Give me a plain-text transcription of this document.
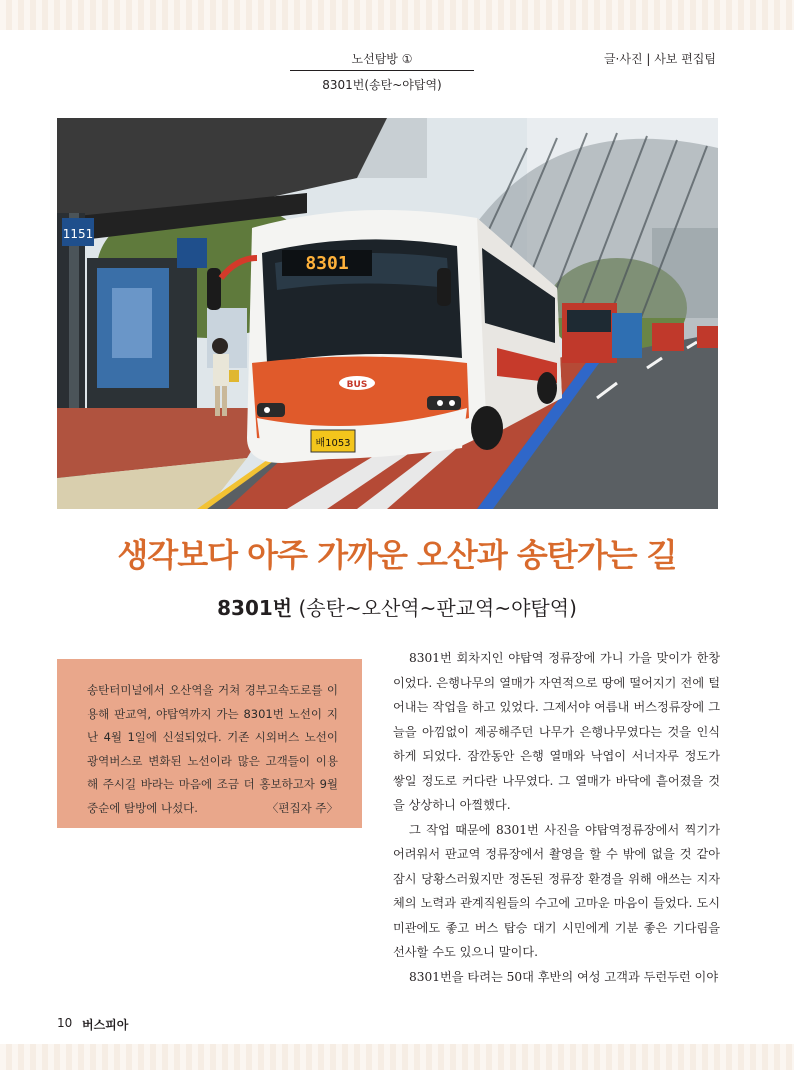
노선탐방 ①
8301번(송탄~야탑역)
글·사진 | 사보 편집팀
1151
8301
BUS
배1053
생각보다 아주 가까운 오산과 송탄가는 길
8301번 (송탄~오산역~판교역~야탑역)
송탄터미널에서 오산역을 거쳐 경부고속도로를 이용해 판교역, 야탑역까지 가는 8301번 노선이 지난 4월 1일에 신설되었다. 기존 시외버스 노선이 광역버스로 변화된 노선이라 많은 고객들이 이용해 주시길 바라는 마음에 조금 더 홍보하고자 9월 중순에 탐방에 나섰다.	〈편집자 주〉

8301번 회차지인 야탑역 정류장에 가니 가을 맞이가 한창이었다. 은행나무의 열매가 자연적으로 땅에 떨어지기 전에 털어내는 작업을 하고 있었다. 그제서야 여름내 버스정류장에 그늘을 아낌없이 제공해주던 나무가 은행나무였다는 것을 인식하게 되었다. 잠깐동안 은행 열매와 낙엽이 서너자루 정도가 쌓일 정도로 커다란 나무였다. 그 열매가 바닥에 흩어졌을 것을 상상하니 아찔했다.

그 작업 때문에 8301번 사진을 야탑역정류장에서 찍기가 어려워서 판교역 정류장에서 촬영을 할 수 밖에 없을 것 같아 잠시 당황스러웠지만 정돈된 정류장 환경을 위해 애쓰는 지자체의 노력과 관계직원들의 수고에 고마운 마음이 들었다. 도시 미관에도 좋고 버스 탑승 대기 시민에게 기분 좋은 기다림을 선사할 수도 있으니 말이다.

8301번을 타려는 50대 후반의 여성 고객과 두런두런 이야

10 버스피아
